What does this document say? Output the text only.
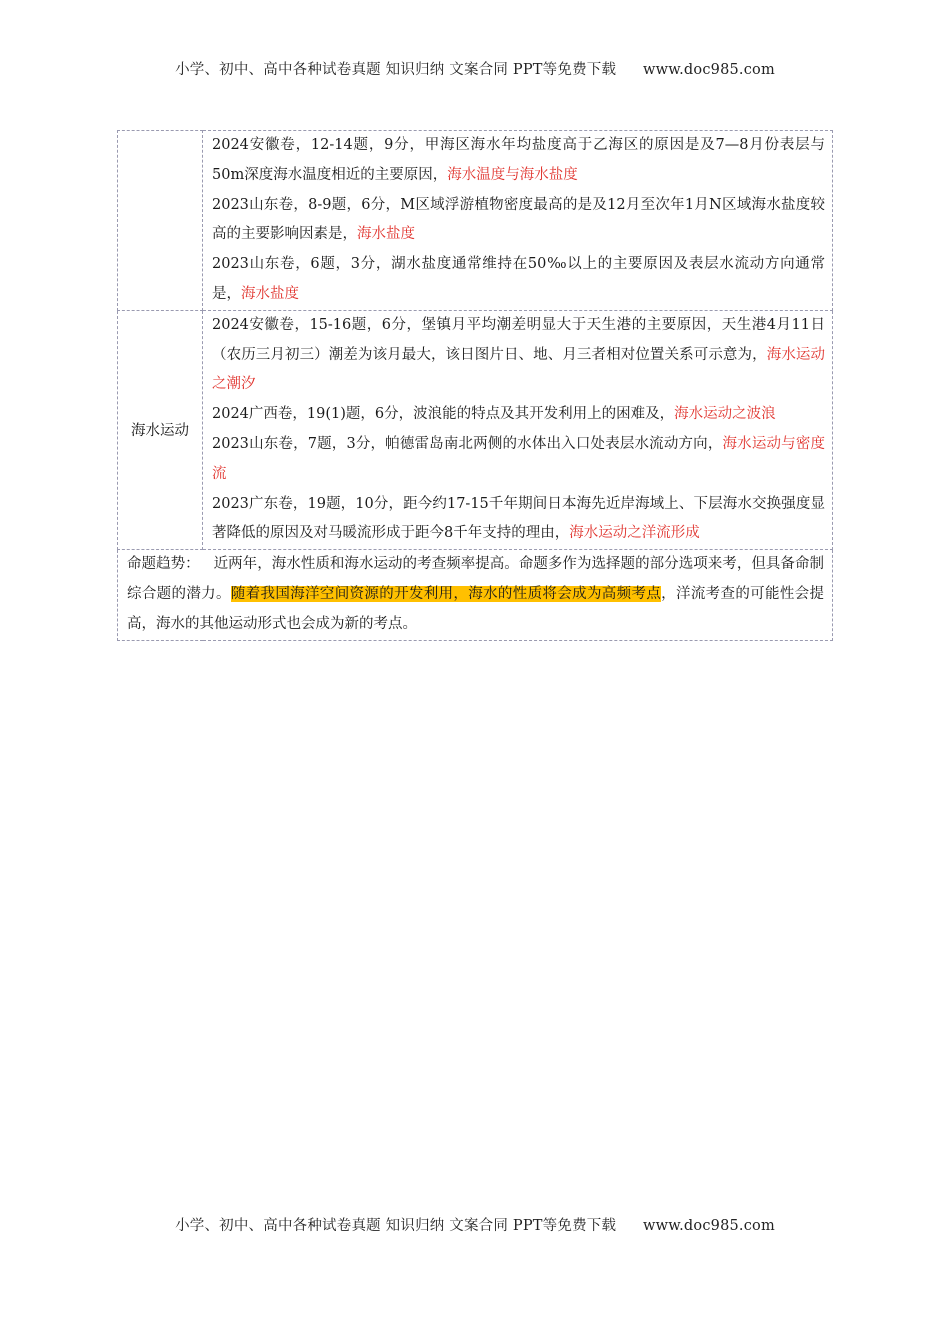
小学、初中、高中各种试卷真题 知识归纳 文案合同 PPT等免费下载 www.doc985.com

	2024安徽卷，12-14题，9分，甲海区海水年均盐度高于乙海区的原因是及7—8月份表层与50m深度海水温度相近的主要原因，海水温度与海水盐度
2023山东卷，8-9题，6分，M区域浮游植物密度最高的是及12月至次年1月N区域海水盐度较高的主要影响因素是，海水盐度
2023山东卷，6题，3分，湖水盐度通常维持在50‰以上的主要原因及表层水流动方向通常是，海水盐度

海水运动	2024安徽卷，15-16题，6分，堡镇月平均潮差明显大于天生港的主要原因，天生港4月11日（农历三月初三）潮差为该月最大，该日图片日、地、月三者相对位置关系可示意为，海水运动之潮汐
2024广西卷，19(1)题，6分，波浪能的特点及其开发利用上的困难及，海水运动之波浪
2023山东卷，7题，3分，帕德雷岛南北两侧的水体出入口处表层水流动方向，海水运动与密度流
2023广东卷，19题，10分，距今约17-15千年期间日本海先近岸海域上、下层海水交换强度显著降低的原因及对马暖流形成于距今8千年支持的理由，海水运动之洋流形成

命题趋势： 近两年，海水性质和海水运动的考查频率提高。命题多作为选择题的部分选项来考，但具备命制综合题的潜力。随着我国海洋空间资源的开发利用，海水的性质将会成为高频考点，洋流考查的可能性会提高，海水的其他运动形式也会成为新的考点。	
小学、初中、高中各种试卷真题 知识归纳 文案合同 PPT等免费下载 www.doc985.com
